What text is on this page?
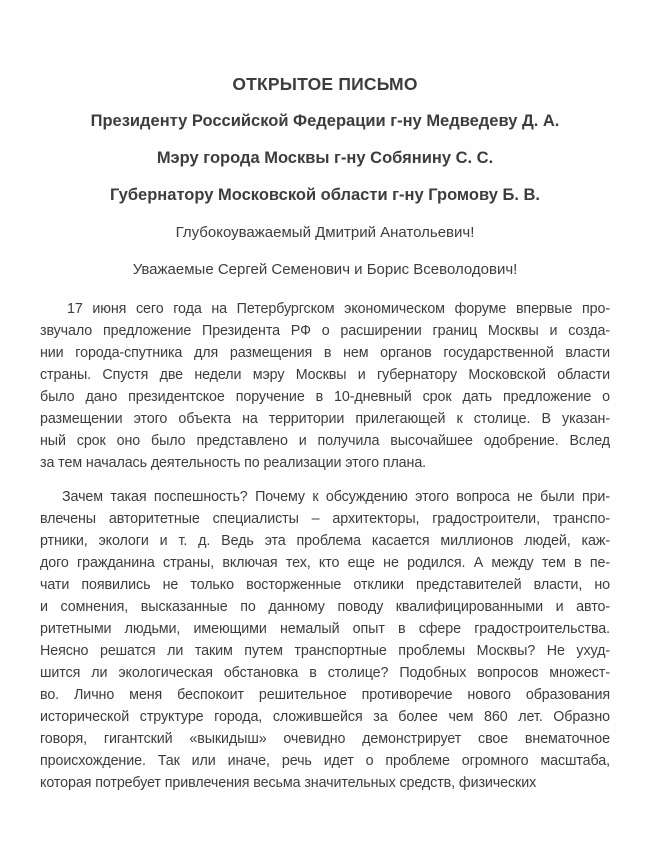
ОТКРЫТОЕ ПИСЬМО
Президенту Российской Федерации г-ну Медведеву Д. А.
Мэру города Москвы г-ну Собянину С. С.
Губернатору Московской области г-ну Громову Б. В.
Глубокоуважаемый Дмитрий Анатольевич!
Уважаемые Сергей Семенович и Борис Всеволодович!
17 июня сего года на Петербургском экономическом форуме впервые про-
звучало предложение Президента РФ о расширении границ Москвы и созда-
нии города-спутника для размещения в нем органов государственной власти
страны. Спустя две недели мэру Москвы и губернатору Московской области
было дано президентское поручение в 10-дневный срок дать предложение о
размещении этого объекта на территории прилегающей к столице. В указан-
ный срок оно было представлено и получила высочайшее одобрение. Вслед
за тем началась деятельность по реализации этого плана.
Зачем такая поспешность? Почему к обсуждению этого вопроса не были при-
влечены авторитетные специалисты – архитекторы, градостроители, транспо-
ртники, экологи и т. д. Ведь эта проблема касается миллионов людей, каж-
дого гражданина страны, включая тех, кто еще не родился. А между тем в пе-
чати появились не только восторженные отклики представителей власти, но
и сомнения, высказанные по данному поводу квалифицированными и авто-
ритетными людьми, имеющими немалый опыт в сфере градостроительства.
Неясно решатся ли таким путем транспортные проблемы Москвы? Не ухуд-
шится ли экологическая обстановка в столице? Подобных вопросов множест-
во. Лично меня беспокоит решительное противоречие нового образования
исторической структуре города, сложившейся за более чем 860 лет. Образно
говоря, гигантский «выкидыш» очевидно демонстрирует свое внематочное
происхождение. Так или иначе, речь идет о проблеме огромного масштаба,
которая потребует привлечения весьма значительных средств, физических
